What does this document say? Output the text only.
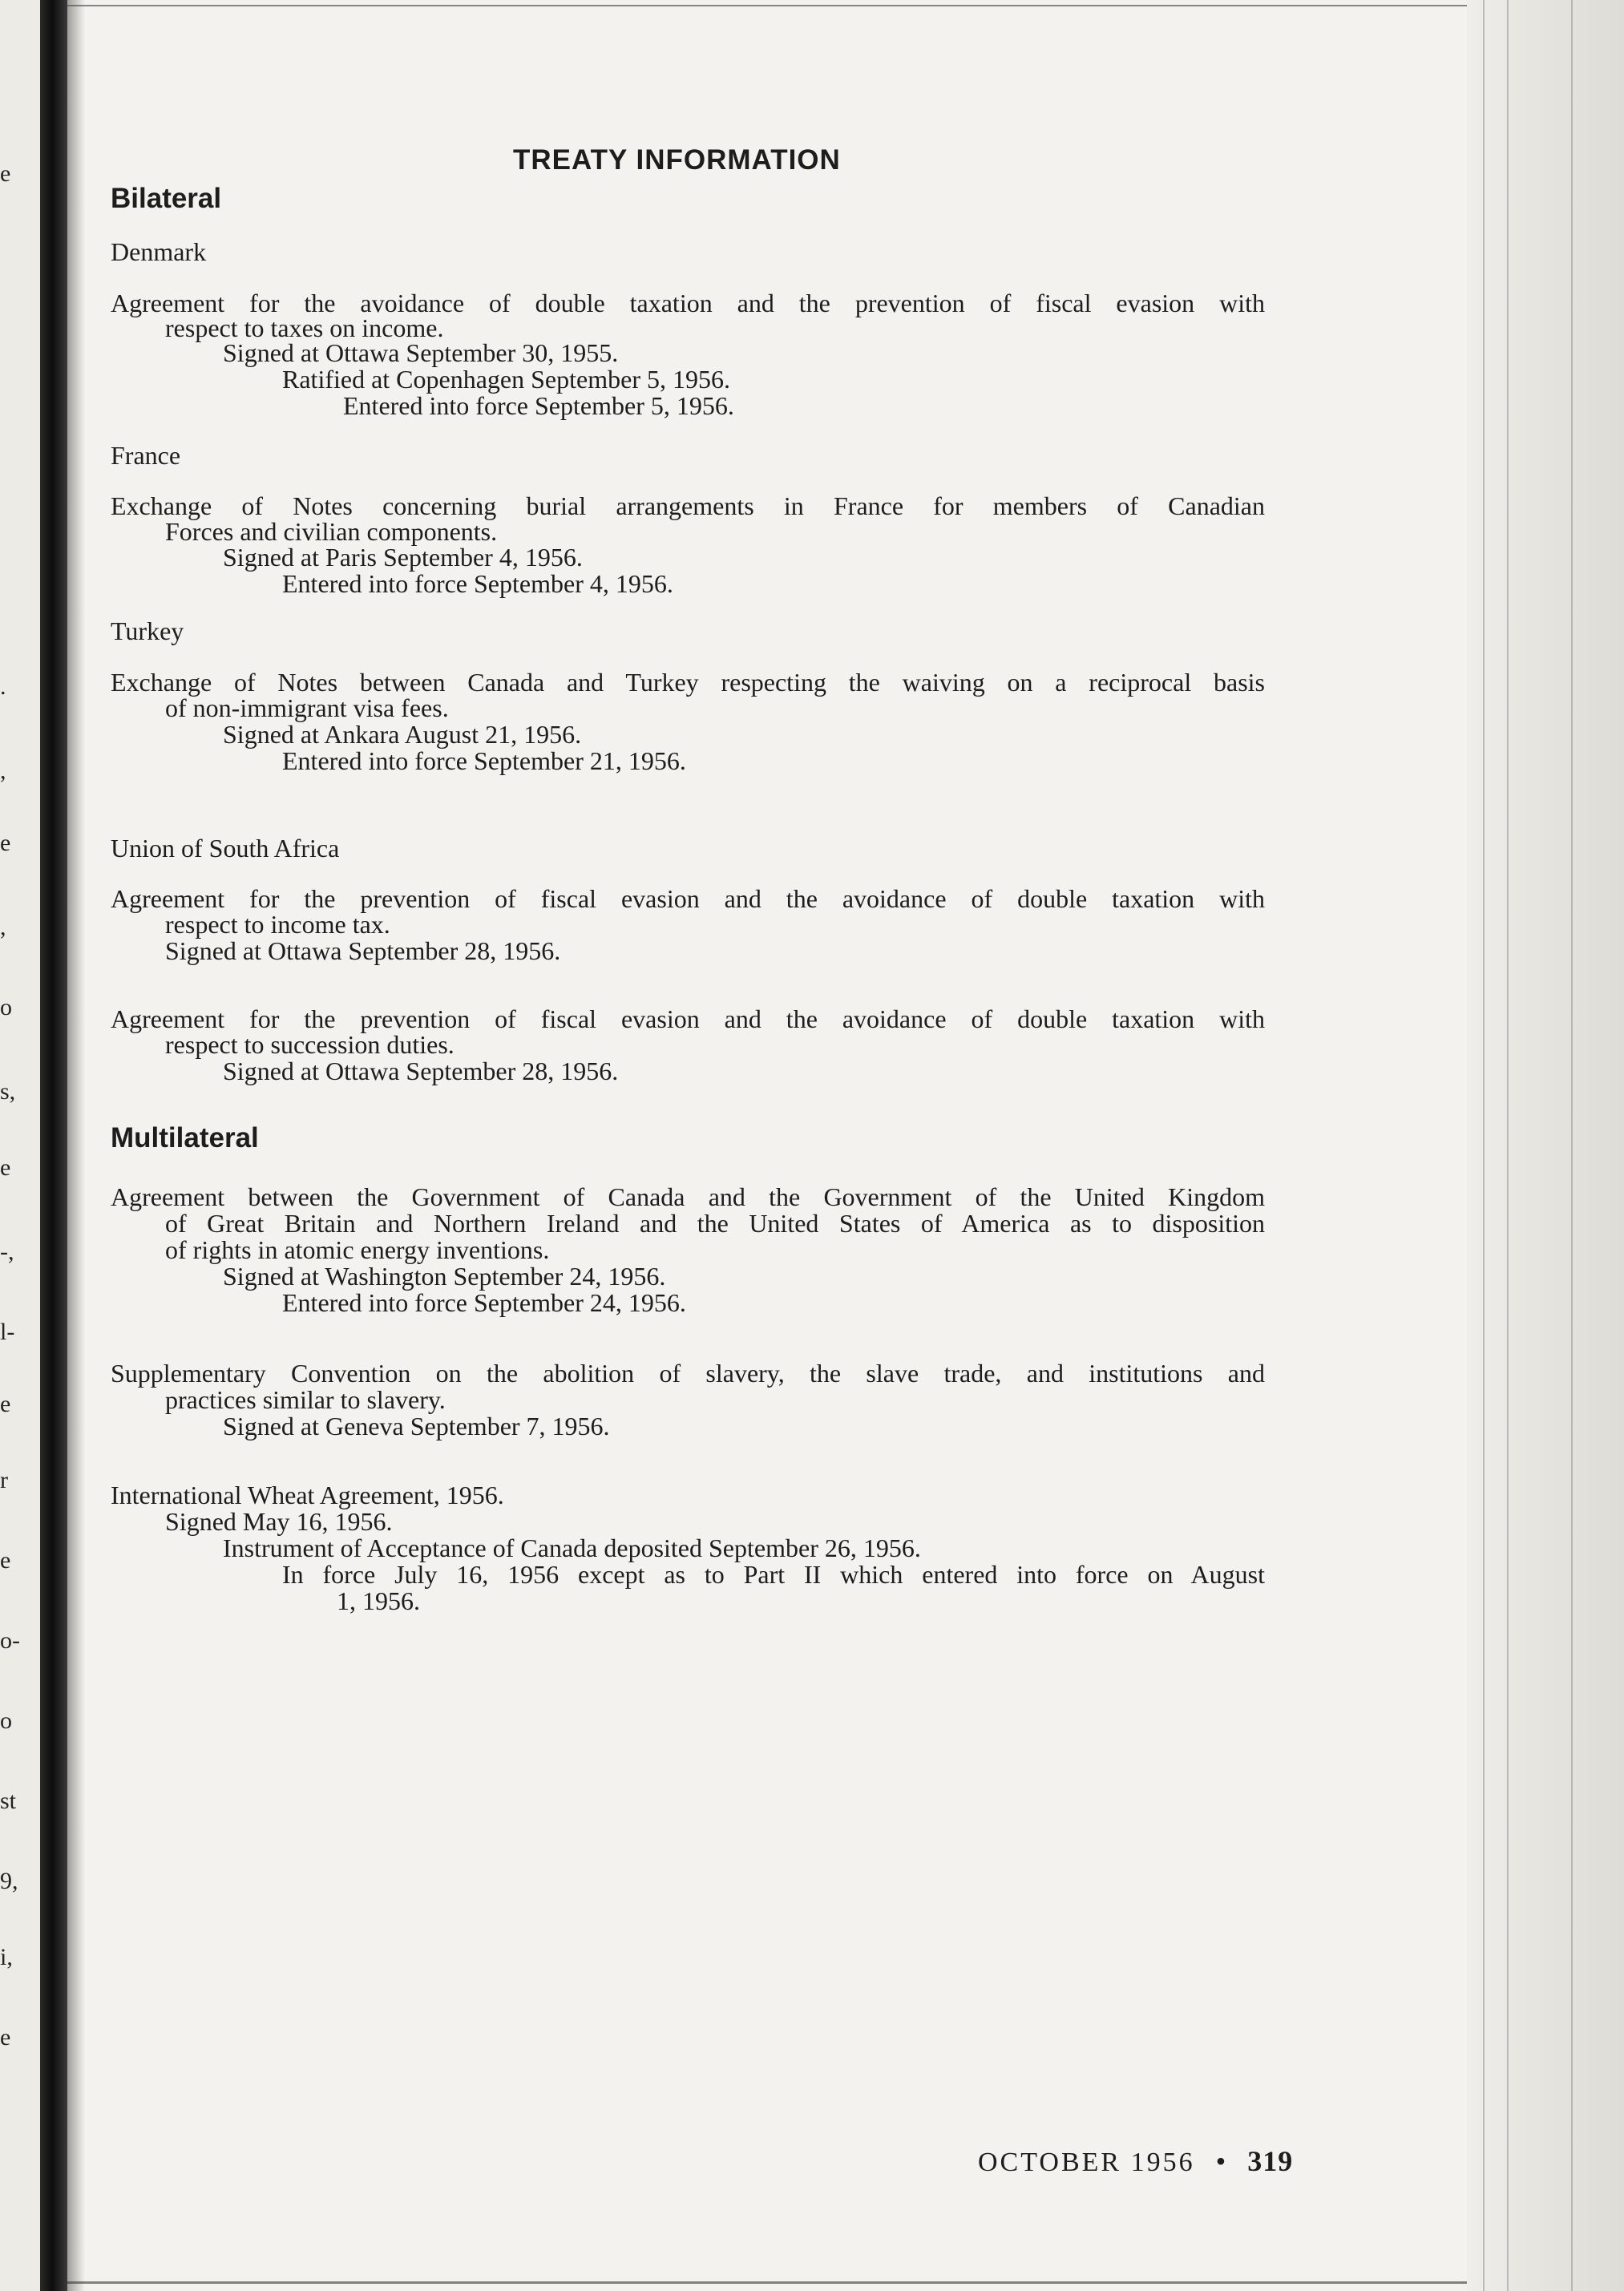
e
.
,
e
,
o
s,
e
-,
l-
e
r
e
o-
o
st
9,
i,
e
TREATY INFORMATION
Bilateral
Denmark
Agreement for the avoidance of double taxation and the prevention of fiscal evasion with
respect to taxes on income.
Signed at Ottawa September 30, 1955.
Ratified at Copenhagen September 5, 1956.
Entered into force September 5, 1956.
France
Exchange of Notes concerning burial arrangements in France for members of Canadian
Forces and civilian components.
Signed at Paris September 4, 1956.
Entered into force September 4, 1956.
Turkey
Exchange of Notes between Canada and Turkey respecting the waiving on a reciprocal basis
of non-immigrant visa fees.
Signed at Ankara August 21, 1956.
Entered into force September 21, 1956.
Union of South Africa
Agreement for the prevention of fiscal evasion and the avoidance of double taxation with
respect to income tax.
Signed at Ottawa September 28, 1956.
Agreement for the prevention of fiscal evasion and the avoidance of double taxation with
respect to succession duties.
Signed at Ottawa September 28, 1956.
Multilateral
Agreement between the Government of Canada and the Government of the United Kingdom
of Great Britain and Northern Ireland and the United States of America as to disposition
of rights in atomic energy inventions.
Signed at Washington September 24, 1956.
Entered into force September 24, 1956.
Supplementary Convention on the abolition of slavery, the slave trade, and institutions and
practices similar to slavery.
Signed at Geneva September 7, 1956.
International Wheat Agreement, 1956.
Signed May 16, 1956.
Instrument of Acceptance of Canada deposited September 26, 1956.
In force July 16, 1956 except as to Part II which entered into force on August
1, 1956.
OCTOBER 1956 • 319
